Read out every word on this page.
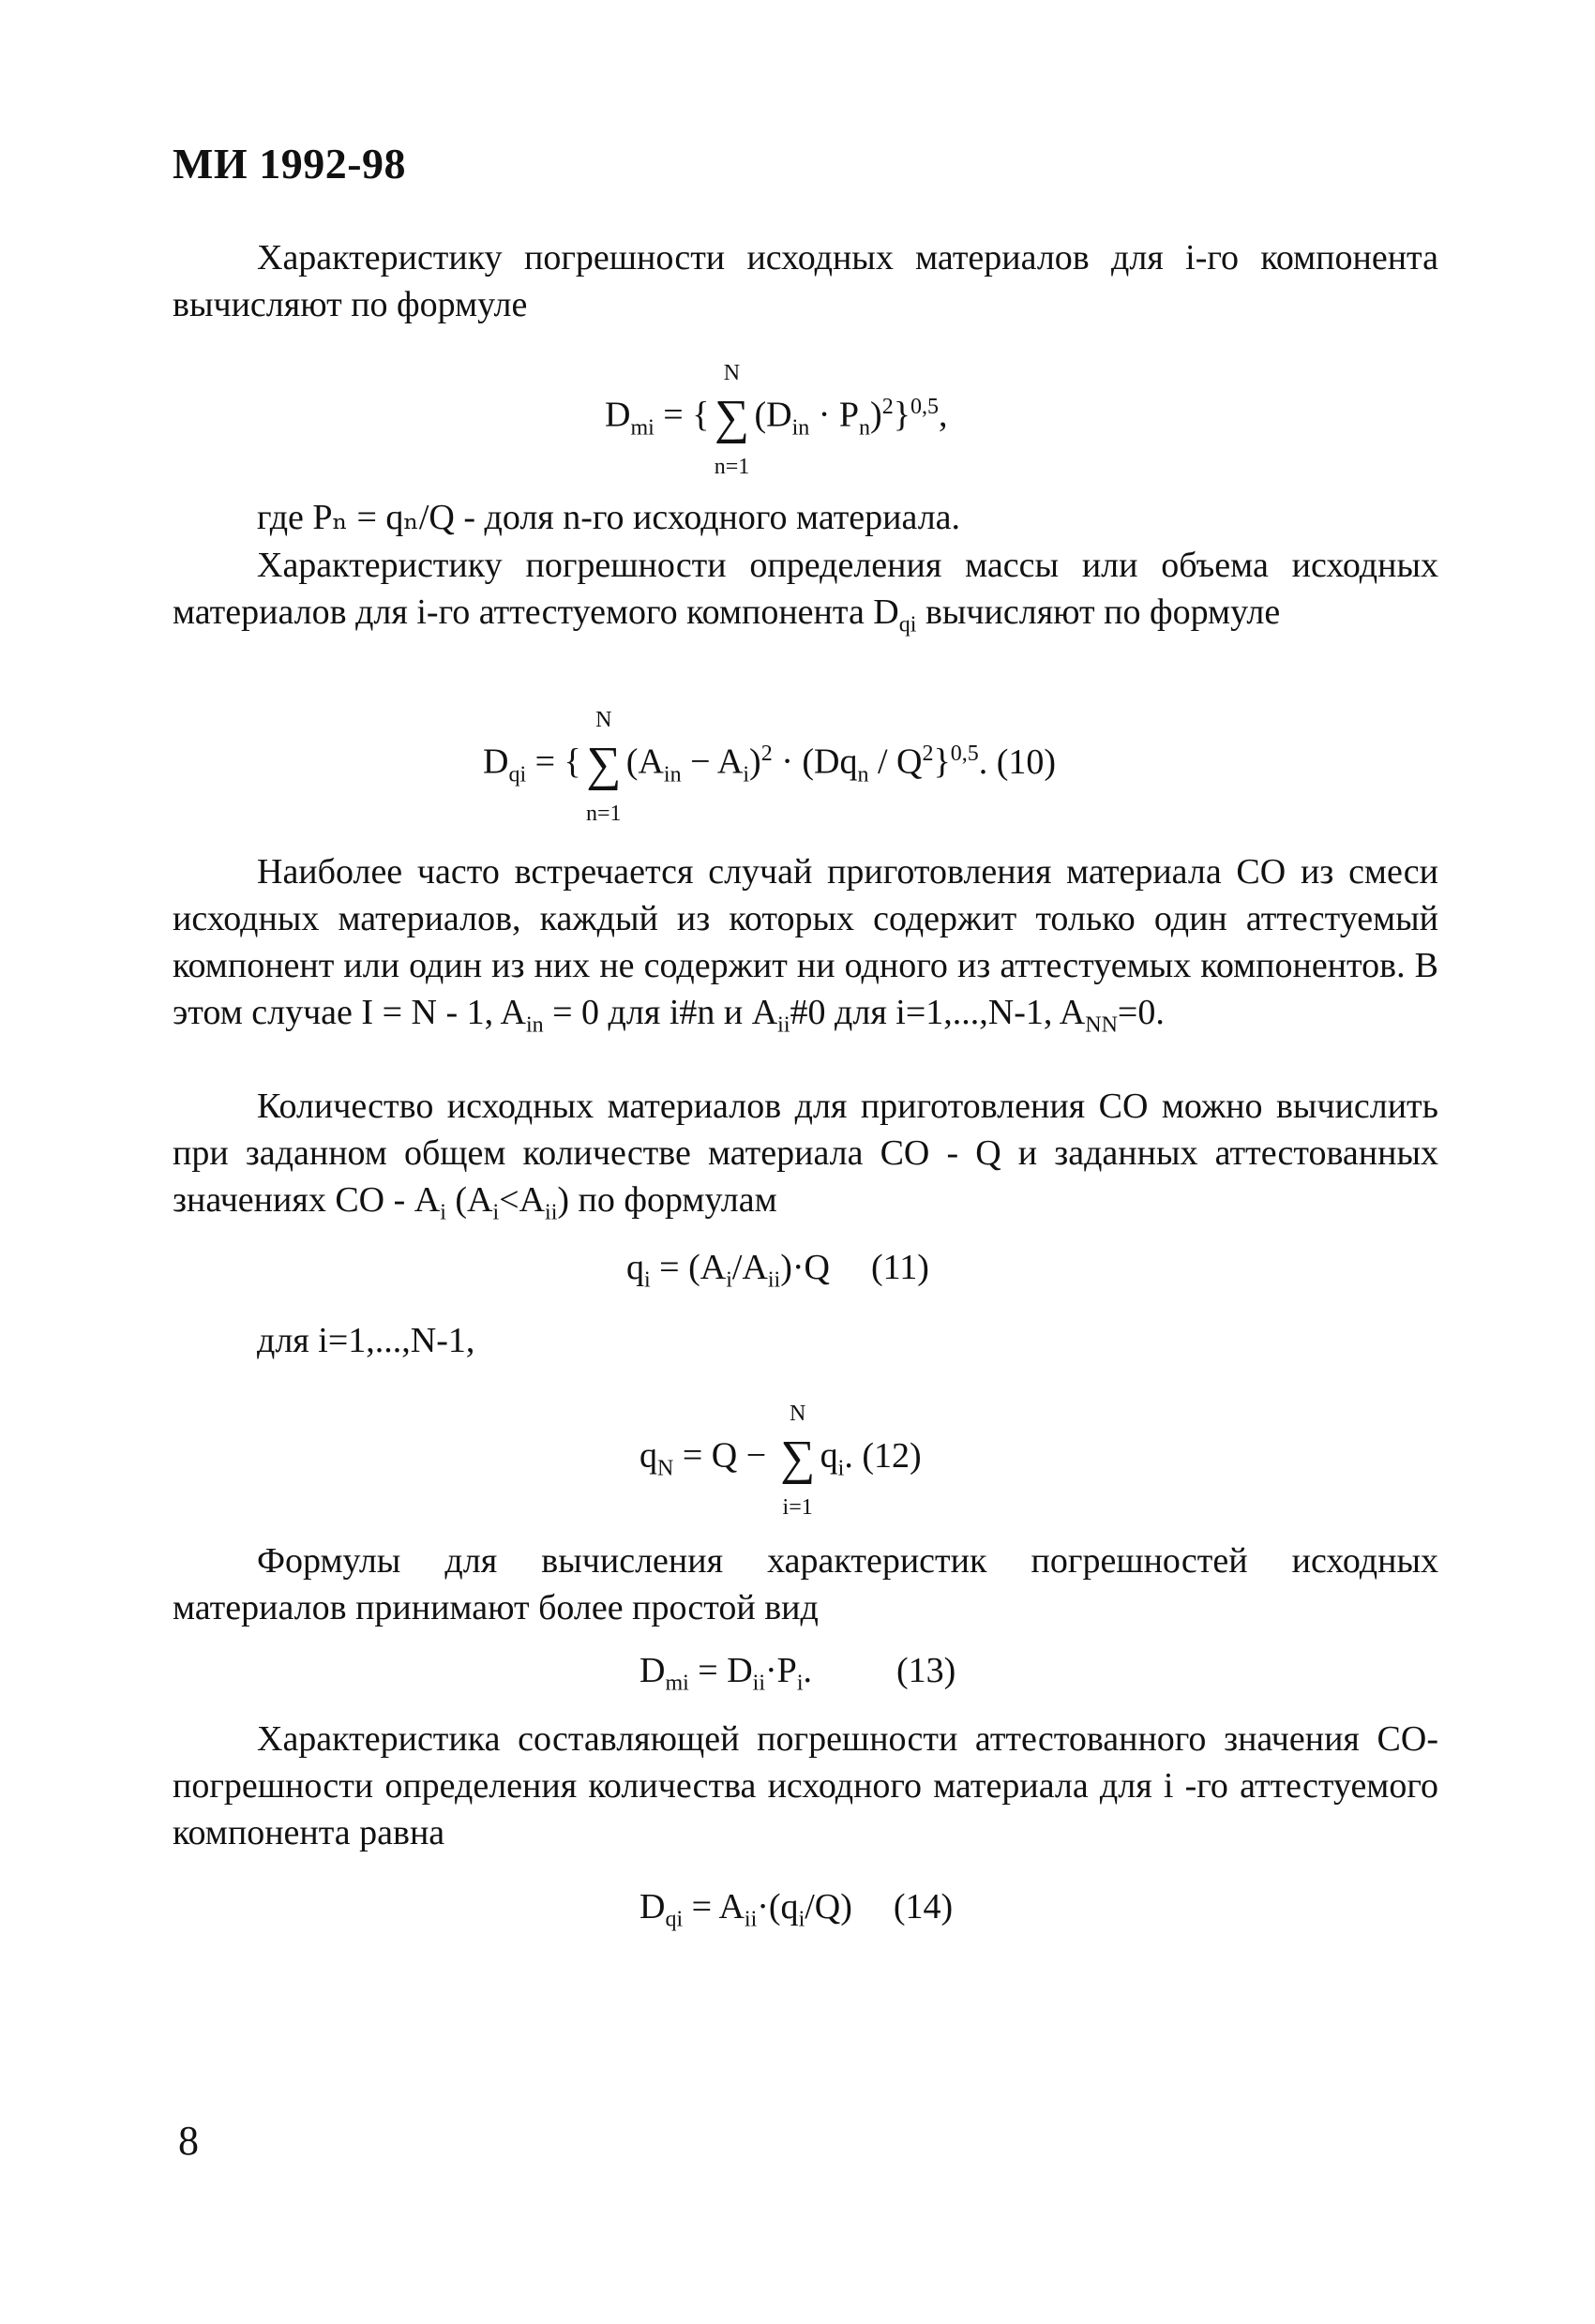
МИ 1992-98

Характеристику погрешности исходных материалов для i-го компонента вычисляют по формуле

$D_{mi}$ = {
N
∑
n=1
$(D_{in} \cdot P_n)^2\}^{0,5}$,

где Pₙ = qₙ/Q - доля n-го исходного материала.

Характеристику погрешности определения массы или объема исходных материалов для i-го аттестуемого компонента $D_{qi}$ вычисляют по формуле

$D_{qi}$ = {
N
∑
n=1
$(A_{in} - A_i)^2 \cdot (Dq_n / Q^2\}^{0,5}$. (10)

Наиболее часто встречается случай приготовления материала СО из смеси исходных материалов, каждый из которых содержит только один аттестуемый компонент или один из них не содержит ни одного из аттестуемых компонентов. В этом случае I = N - 1, $A_{in} = 0$ для i#n и $A_{ii}\#0$ для i=1,...,N-1, $A_{NN}=0$.

Количество исходных материалов для приготовления СО можно вычислить при заданном общем количестве материала СО - Q и заданных аттестованных значениях СО - $A_i$ $(A_i<A_{ii})$ по формулам

$q_i = (A_i/A_{ii})\cdot Q$ (11)

для i=1,...,N-1,

$q_N = Q$ −
N
∑
i=1
$q_i$. (12)

Формулы для вычисления характеристик погрешностей исходных материалов принимают более простой вид

$D_{mi} = D_{ii}\cdot P_i$. (13)

Характеристика составляющей погрешности аттестованного значения СО- погрешности определения количества исходного материала для i -го аттестуемого компонента равна

$D_{qi} = A_{ii}\cdot(q_i/Q)$ (14)
8
